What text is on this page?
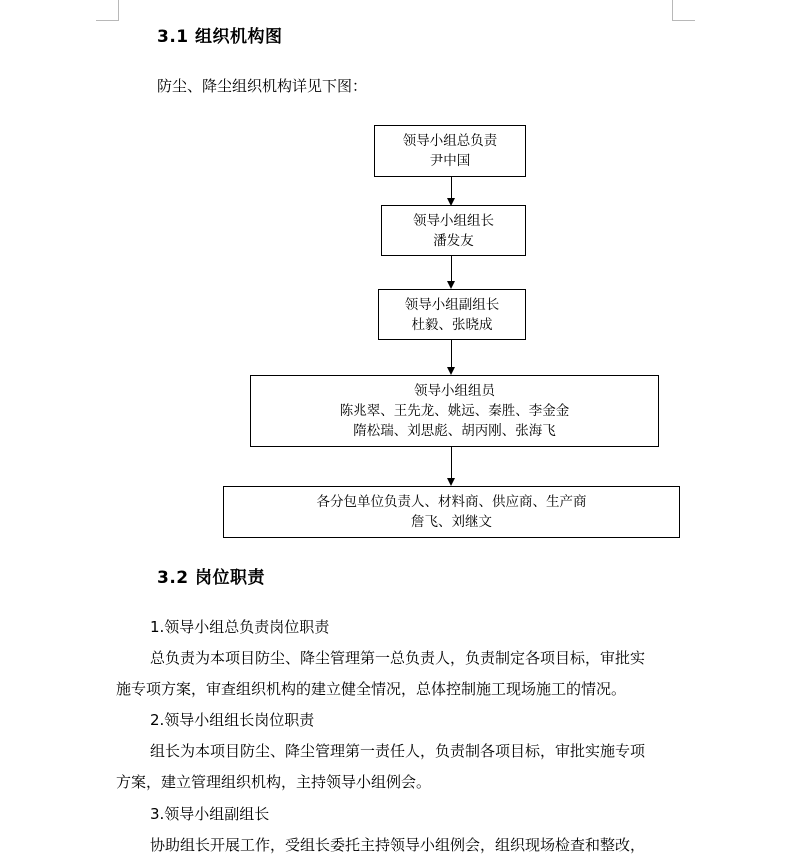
3.1 组织机构图
防尘、降尘组织机构详见下图：
领导小组总负责
尹中国
领导小组组长
潘发友
领导小组副组长
杜毅、张晓成
领导小组组员
陈兆翠、王先龙、姚远、秦胜、李金金
隋松瑞、刘思彪、胡丙刚、张海飞
各分包单位负责人、材料商、供应商、生产商
詹飞、刘继文
3.2 岗位职责
1.领导小组总负责岗位职责
总负责为本项目防尘、降尘管理第一总负责人，负责制定各项目标，审批实
施专项方案，审查组织机构的建立健全情况，总体控制施工现场施工的情况。
2.领导小组组长岗位职责
组长为本项目防尘、降尘管理第一责任人，负责制各项目标，审批实施专项
方案，建立管理组织机构，主持领导小组例会。
3.领导小组副组长
协助组长开展工作，受组长委托主持领导小组例会，组织现场检查和整改，
